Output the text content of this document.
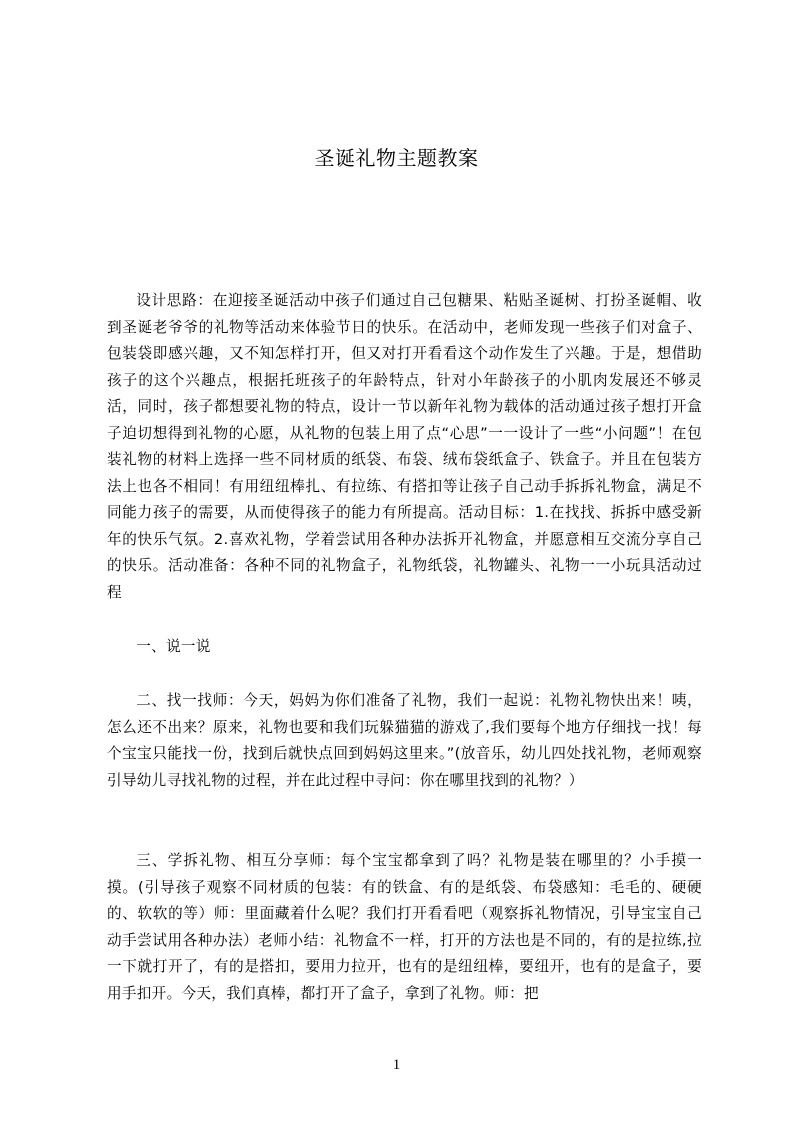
圣诞礼物主题教案

设计思路：在迎接圣诞活动中孩子们通过自己包糖果、粘贴圣诞树、打扮圣诞帽、收到圣诞老爷爷的礼物等活动来体验节日的快乐。在活动中，老师发现一些孩子们对盒子、包装袋即感兴趣，又不知怎样打开，但又对打开看看这个动作发生了兴趣。于是，想借助孩子的这个兴趣点，根据托班孩子的年龄特点，针对小年龄孩子的小肌肉发展还不够灵活，同时，孩子都想要礼物的特点，设计一节以新年礼物为载体的活动通过孩子想打开盒子迫切想得到礼物的心愿，从礼物的包装上用了点“心思”一一设计了一些“小问题”！在包装礼物的材料上选择一些不同材质的纸袋、布袋、绒布袋纸盒子、铁盒子。并且在包装方法上也各不相同！有用纽纽棒扎、有拉练、有搭扣等让孩子自己动手拆拆礼物盒，满足不同能力孩子的需要，从而使得孩子的能力有所提高。活动目标：1.在找找、拆拆中感受新年的快乐气氛。2.喜欢礼物，学着尝试用各种办法拆开礼物盒，并愿意相互交流分享自己的快乐。活动准备：各种不同的礼物盒子，礼物纸袋，礼物罐头、礼物一一小玩具活动过程

一、说一说

二、找一找师：今天，妈妈为你们准备了礼物，我们一起说：礼物礼物快出来！咦，怎么还不出来？原来，礼物也要和我们玩躲猫猫的游戏了,我们要每个地方仔细找一找！每个宝宝只能找一份，找到后就快点回到妈妈这里来。”(放音乐，幼儿四处找礼物，老师观察引导幼儿寻找礼物的过程，并在此过程中寻问：你在哪里找到的礼物？）

三、学拆礼物、相互分享师：每个宝宝都拿到了吗？礼物是装在哪里的？小手摸一摸。(引导孩子观察不同材质的包装：有的铁盒、有的是纸袋、布袋感知：毛毛的、硬硬的、软软的等）师：里面藏着什么呢？我们打开看看吧（观察拆礼物情况，引导宝宝自己动手尝试用各种办法）老师小结：礼物盒不一样，打开的方法也是不同的，有的是拉练,拉一下就打开了，有的是搭扣，要用力拉开，也有的是纽纽棒，要纽开，也有的是盒子，要用手扣开。今天，我们真棒，都打开了盒子，拿到了礼物。师：把

1
